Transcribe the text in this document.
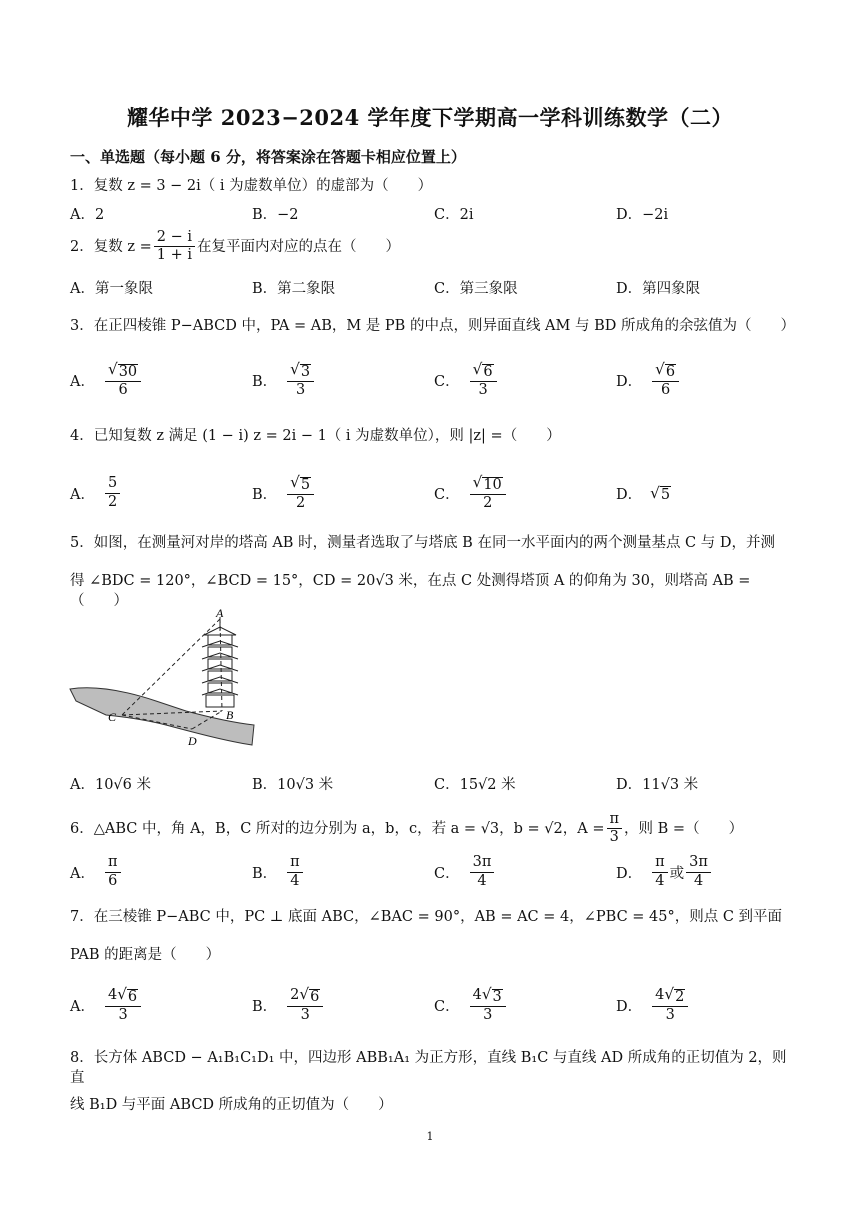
耀华中学 2023−2024 学年度下学期高一学科训练数学（二）
一、单选题（每小题 6 分，将答案涂在答题卡相应位置上）
1．复数 z = 3 − 2i（ i 为虚数单位）的虚部为（　　）
A．2	B．−2	C．2i	D．−2i
2．复数 $z = \frac{2 - i}{1 + i}$ 在复平面内对应的点在（　　）
A．第一象限	B．第二象限	C．第三象限	D．第四象限
3．在正四棱锥 P−ABCD 中，PA = AB，M 是 PB 的中点，则异面直线 AM 与 BD 所成角的余弦值为（　　）
A． $\frac{√ 30}{6}$	B． $\frac{√ 3}{3}$	C． $\frac{√ 6}{3}$	D． $\frac{√ 6}{6}$
4．已知复数 z 满足 (1 − i) z = 2i − 1（ i 为虚数单位），则 |z| =（　　）
A． $\frac{5}{2}$	B． $\frac{√ 5}{2}$	C． $\frac{√ 10}{2}$	D． √ 5
5．如图，在测量河对岸的塔高 AB 时，测量者选取了与塔底 B 在同一水平面内的两个测量基点 C 与 D，并测
得 ∠BDC = 120°，∠BCD = 15°，CD = 20√3 米，在点 C 处测得塔顶 A 的仰角为 30，则塔高 AB =（　　）
A
B
C
D
A．10√6 米	B．10√3 米	C．15√2 米	D．11√3 米
6．△ABC 中，角 A，B，C 所对的边分别为 a，b，c，若 a = √3，b = √2，$A = \frac{\pi}{3}$ ，则 B =（　　）
A． $\frac{\pi}{6}$	B． $\frac{\pi}{4}$	C． $\frac{3\pi}{4}$	D． $\frac{\pi}{4}$ 或 $\frac{3\pi}{4}$
7．在三棱锥 P−ABC 中，PC ⊥ 底面 ABC，∠BAC = 90°，AB = AC = 4，∠PBC = 45°，则点 C 到平面
PAB 的距离是（　　）
A． $\frac{4 √ 6}{3}$	B． $\frac{2 √ 6}{3}$	C． $\frac{4 √ 3}{3}$	D． $\frac{4 √ 2}{3}$
8．长方体 ABCD − A₁B₁C₁D₁ 中，四边形 ABB₁A₁ 为正方形，直线 B₁C 与直线 AD 所成角的正切值为 2，则直
线 B₁D 与平面 ABCD 所成角的正切值为（　　）
1
